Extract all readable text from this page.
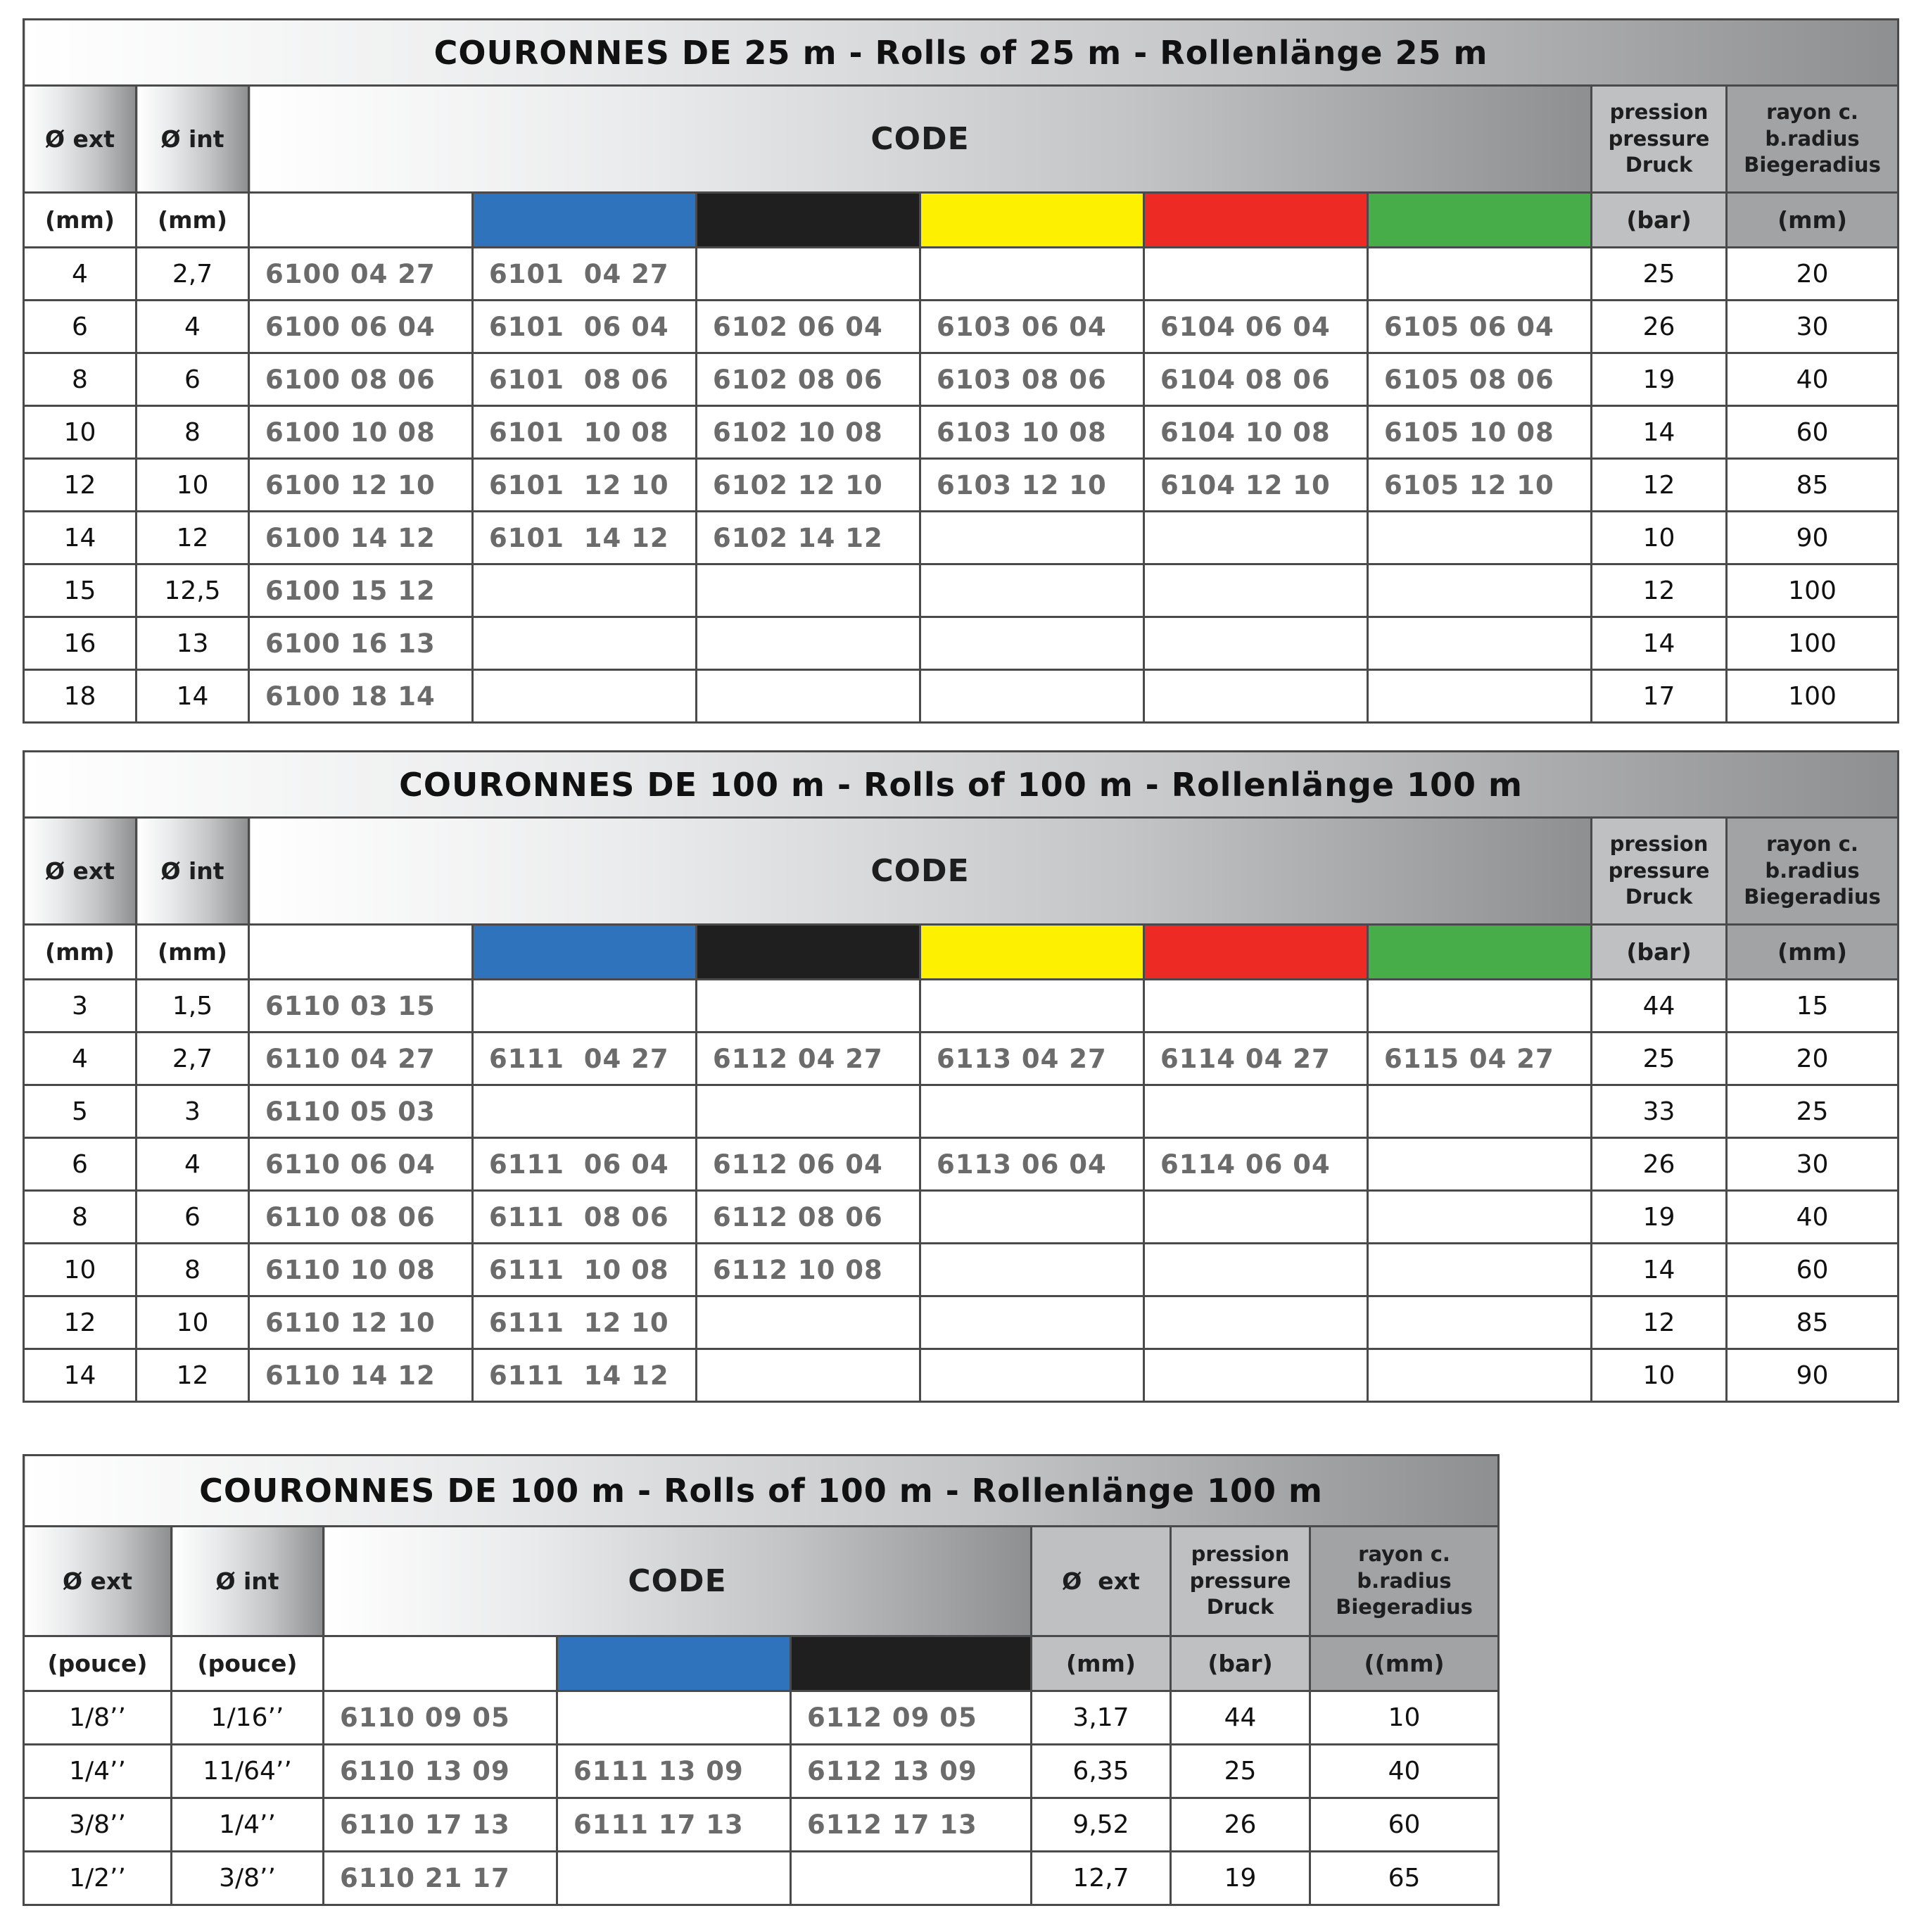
COURONNES DE 25 m - Rolls of 25 m - Rollenlänge 25 m									
Ø ext	Ø int	CODE						pression
pressure
Druck	rayon c.
b.radius
Biegeradius
(mm)	(mm)							(bar)	(mm)
4	2,7	6100 04 27	6101  04 27					25	20
6	4	6100 06 04	6101  06 04	6102 06 04	6103 06 04	6104 06 04	6105 06 04	26	30
8	6	6100 08 06	6101  08 06	6102 08 06	6103 08 06	6104 08 06	6105 08 06	19	40
10	8	6100 10 08	6101  10 08	6102 10 08	6103 10 08	6104 10 08	6105 10 08	14	60
12	10	6100 12 10	6101  12 10	6102 12 10	6103 12 10	6104 12 10	6105 12 10	12	85
14	12	6100 14 12	6101  14 12	6102 14 12				10	90
15	12,5	6100 15 12						12	100
16	13	6100 16 13						14	100
18	14	6100 18 14						17	100
COURONNES DE 100 m - Rolls of 100 m - Rollenlänge 100 m									
Ø ext	Ø int	CODE						pression
pressure
Druck	rayon c.
b.radius
Biegeradius
(mm)	(mm)							(bar)	(mm)
3	1,5	6110 03 15						44	15
4	2,7	6110 04 27	6111  04 27	6112 04 27	6113 04 27	6114 04 27	6115 04 27	25	20
5	3	6110 05 03						33	25
6	4	6110 06 04	6111  06 04	6112 06 04	6113 06 04	6114 06 04		26	30
8	6	6110 08 06	6111  08 06	6112 08 06				19	40
10	8	6110 10 08	6111  10 08	6112 10 08				14	60
12	10	6110 12 10	6111  12 10					12	85
14	12	6110 14 12	6111  14 12					10	90
COURONNES DE 100 m - Rolls of 100 m - Rollenlänge 100 m							
Ø ext	Ø int	CODE			Ø  ext	pression
pressure
Druck	rayon c.
b.radius
Biegeradius
(pouce)	(pouce)				(mm)	(bar)	((mm)
1/8’’	1/16’’	6110 09 05		6112 09 05	3,17	44	10
1/4’’	11/64’’	6110 13 09	6111 13 09	6112 13 09	6,35	25	40
3/8’’	1/4’’	6110 17 13	6111 17 13	6112 17 13	9,52	26	60
1/2’’	3/8’’	6110 21 17			12,7	19	65
